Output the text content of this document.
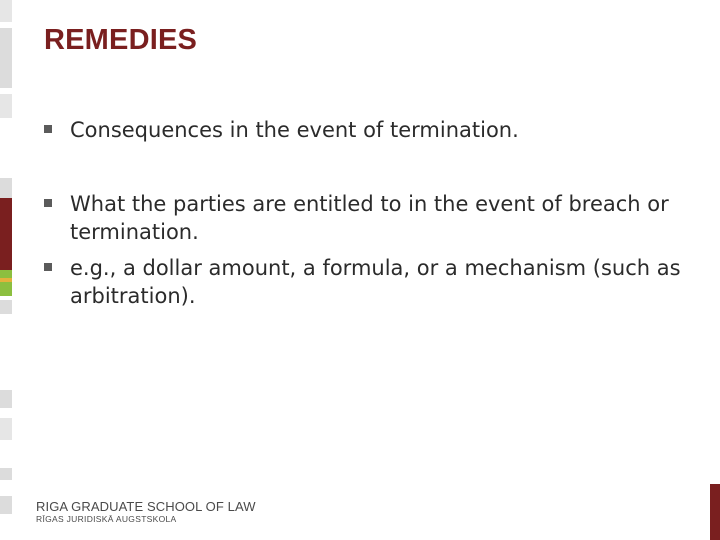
REMEDIES
Consequences in the event of termination.
What the parties are entitled to in the event of breach or termination.
e.g., a dollar amount, a formula, or a mechanism (such as arbitration).
RIGA GRADUATE SCHOOL OF LAW
RĪGAS JURIDISKĀ AUGSTSKOLA
